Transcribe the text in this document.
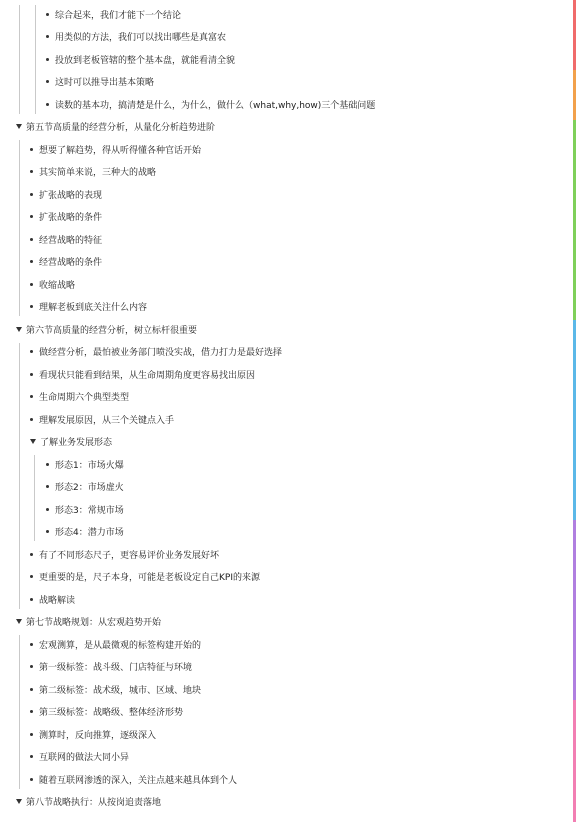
综合起来，我们才能下一个结论
用类似的方法，我们可以找出哪些是真富农
投放到老板管辖的整个基本盘，就能看清全貌
这时可以推导出基本策略
读数的基本功，搞清楚是什么，为什么，做什么（what,why,how)三个基础问题
第五节高质量的经营分析，从量化分析趋势进阶
想要了解趋势，得从听得懂各种官话开始
其实简单来说，三种大的战略
扩张战略的表现
扩张战略的条件
经营战略的特征
经营战略的条件
收缩战略
理解老板到底关注什么内容
第六节高质量的经营分析，树立标杆很重要
做经营分析，最怕被业务部门喷没实战，借力打力是最好选择
看现状只能看到结果，从生命周期角度更容易找出原因
生命周期六个典型类型
理解发展原因，从三个关键点入手
了解业务发展形态
形态1：市场火爆
形态2：市场虚火
形态3：常规市场
形态4：潜力市场
有了不同形态尺子，更容易评价业务发展好坏
更重要的是，尺子本身，可能是老板设定自己KPI的来源
战略解读
第七节战略规划：从宏观趋势开始
宏观测算，是从最微观的标签构建开始的
第一级标签：战斗级、门店特征与环境
第二级标签：战术级，城市、区域、地块
第三级标签：战略级、整体经济形势
测算时，反向推算，逐级深入
互联网的做法大同小异
随着互联网渗透的深入，关注点越来越具体到个人
第八节战略执行：从按岗追责落地
